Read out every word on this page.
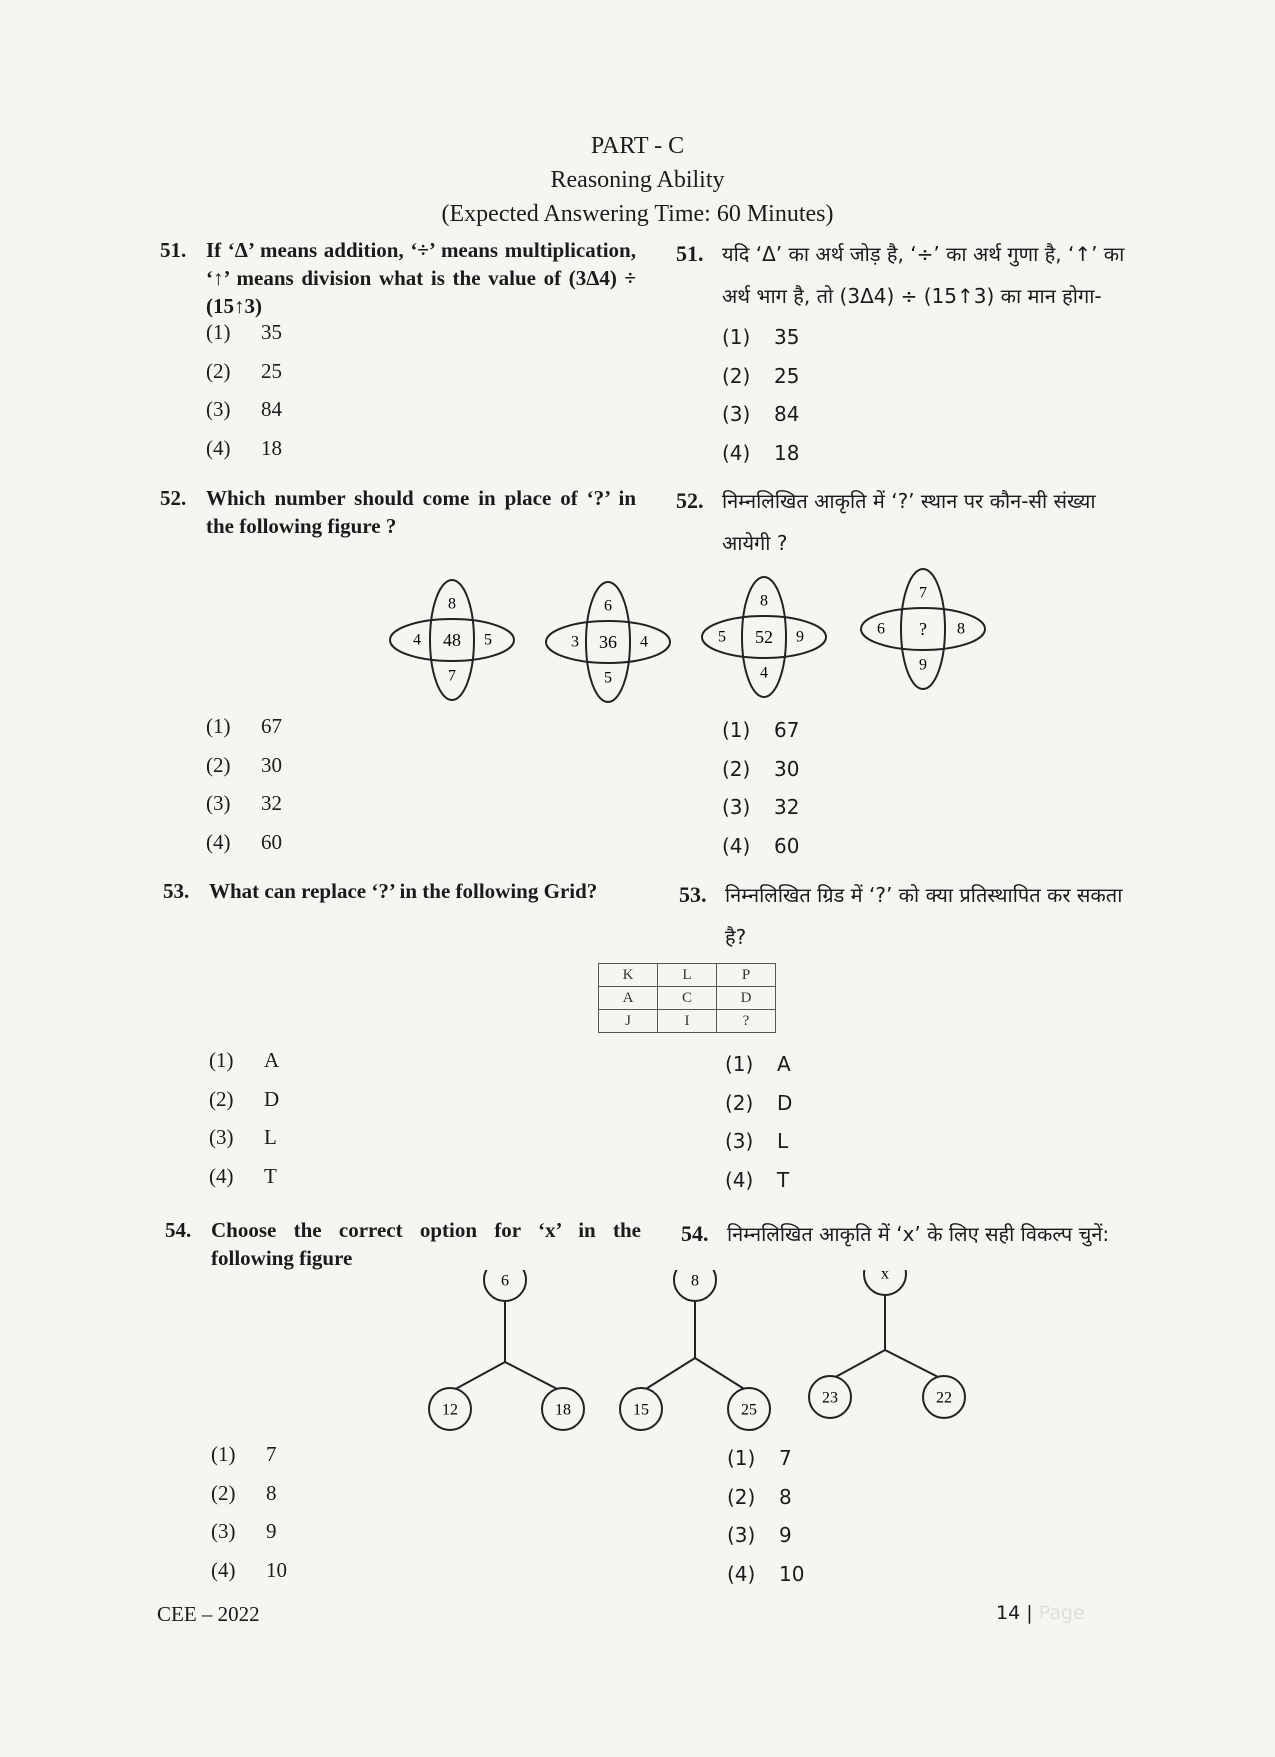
PART - C
Reasoning Ability
(Expected Answering Time: 60 Minutes)
51. If ‘Δ’ means addition, ‘÷’ means multiplication, ‘↑’ means division what is the value of (3Δ4) ÷ (15↑3)
(1)	35
(2)	25
(3)	84
(4)	18
51. यदि ‘Δ’ का अर्थ जोड़ है, ‘÷’ का अर्थ गुणा है, ‘↑’ का अर्थ भाग है, तो (3Δ4) ÷ (15↑3) का मान होगा-
(1)	35
(2)	25
(3)	84
(4)	18
52. Which number should come in place of ‘?’ in the following figure ?
52. निम्नलिखित आकृति में ‘?’ स्थान पर कौन-सी संख्या आयेगी ?
8
48
4	5
7
6
36
3	4
5
8
52
5	9
4
7
?
6	8
9
(1)	67
(2)	30
(3)	32
(4)	60
(1)	67
(2)	30
(3)	32
(4)	60
53. What can replace ‘?’ in the following Grid?	53. निम्नलिखित ग्रिड में ‘?’ को क्या प्रतिस्थापित कर सकता है?
K	L	P
A	C	D
J	I	?
(1)	A
(2)	D
(3)	L
(4)	T
(1)	A
(2)	D
(3)	L
(4)	T
54. Choose the correct option for ‘x’ in the following figure
54. निम्नलिखित आकृति में ‘x’ के लिए सही विकल्प चुनें:
6
12	18
8
15	25
x
23	22
(1)	7
(2)	8
(3)	9
(4)	10
(1)	7
(2)	8
(3)	9
(4)	10
CEE – 2022	14 | Page
